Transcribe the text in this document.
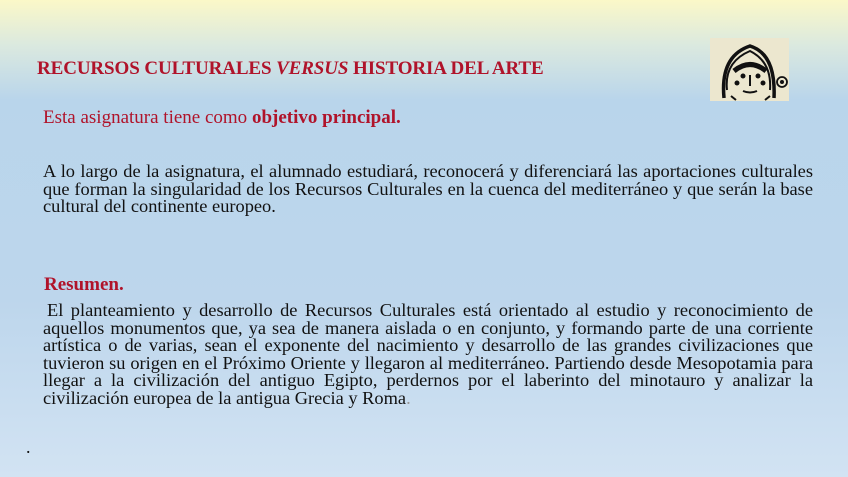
RECURSOS CULTURALES VERSUS HISTORIA DEL ARTE
Esta asignatura tiene como objetivo principal.
A lo largo de la asignatura, el alumnado estudiará, reconocerá y diferenciará las aportaciones culturales que forman la singularidad de los Recursos Culturales en la cuenca del mediterráneo y que serán la base cultural del continente europeo.
Resumen.
El planteamiento y desarrollo de Recursos Culturales está orientado al estudio y reconocimiento de aquellos monumentos que, ya sea de manera aislada o en conjunto, y formando parte de una corriente artística o de varias, sean el exponente del nacimiento y desarrollo de las grandes civilizaciones que tuvieron su origen en el Próximo Oriente y llegaron al mediterráneo. Partiendo desde Mesopotamia para llegar a la civilización del antiguo Egipto, perdernos por el laberinto del minotauro y analizar la civilización europea de la antigua Grecia y Roma.
.
